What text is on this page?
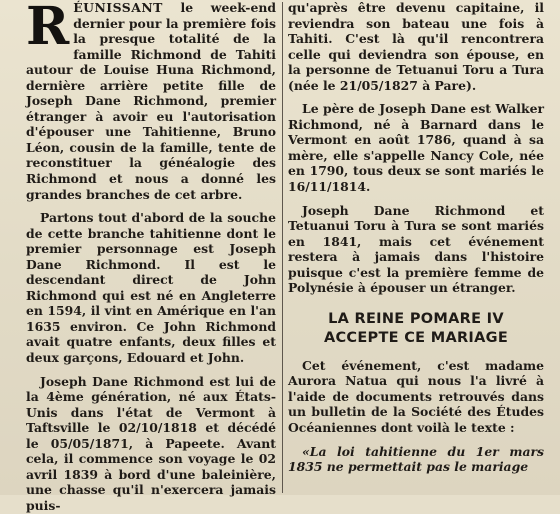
RÉUNISSANT le week-end dernier pour la première fois la presque totalité de la famille Richmond de Tahiti autour de Louise Huna Richmond, dernière arrière petite fille de Joseph Dane Richmond, premier étranger à avoir eu l'autorisation d'épouser une Tahitienne, Bruno Léon, cousin de la famille, tente de reconstituer la généalogie des Richmond et nous a donné les grandes branches de cet arbre.

Partons tout d'abord de la souche de cette branche tahitienne dont le premier personnage est Joseph Dane Richmond. Il est le descendant direct de John Richmond qui est né en Angleterre en 1594, il vint en Amérique en l'an 1635 environ. Ce John Richmond avait quatre enfants, deux filles et deux garçons, Edouard et John.

Joseph Dane Richmond est lui de la 4ème génération, né aux États-Unis dans l'état de Vermont à Taftsville le 02/10/1818 et décédé le 05/05/1871, à Papeete. Avant cela, il commence son voyage le 02 avril 1839 à bord d'une baleinière, une chasse qu'il n'exercera jamais puis-

qu'après être devenu capitaine, il reviendra son bateau une fois à Tahiti. C'est là qu'il rencontrera celle qui deviendra son épouse, en la personne de Tetuanui Toru a Tura (née le 21/05/1827 à Pare).

Le père de Joseph Dane est Walker Richmond, né à Barnard dans le Vermont en août 1786, quand à sa mère, elle s'appelle Nancy Cole, née en 1790, tous deux se sont mariés le 16/11/1814.

Joseph Dane Richmond et Tetuanui Toru à Tura se sont mariés en 1841, mais cet événement restera à jamais dans l'histoire puisque c'est la première femme de Polynésie à épouser un étranger.

LA REINE POMARE IV ACCEPTE CE MARIAGE

Cet événement, c'est madame Aurora Natua qui nous l'a livré à l'aide de documents retrouvés dans un bulletin de la Société des Études Océaniennes dont voilà le texte :

«La loi tahitienne du 1er mars 1835 ne permettait pas le mariage
